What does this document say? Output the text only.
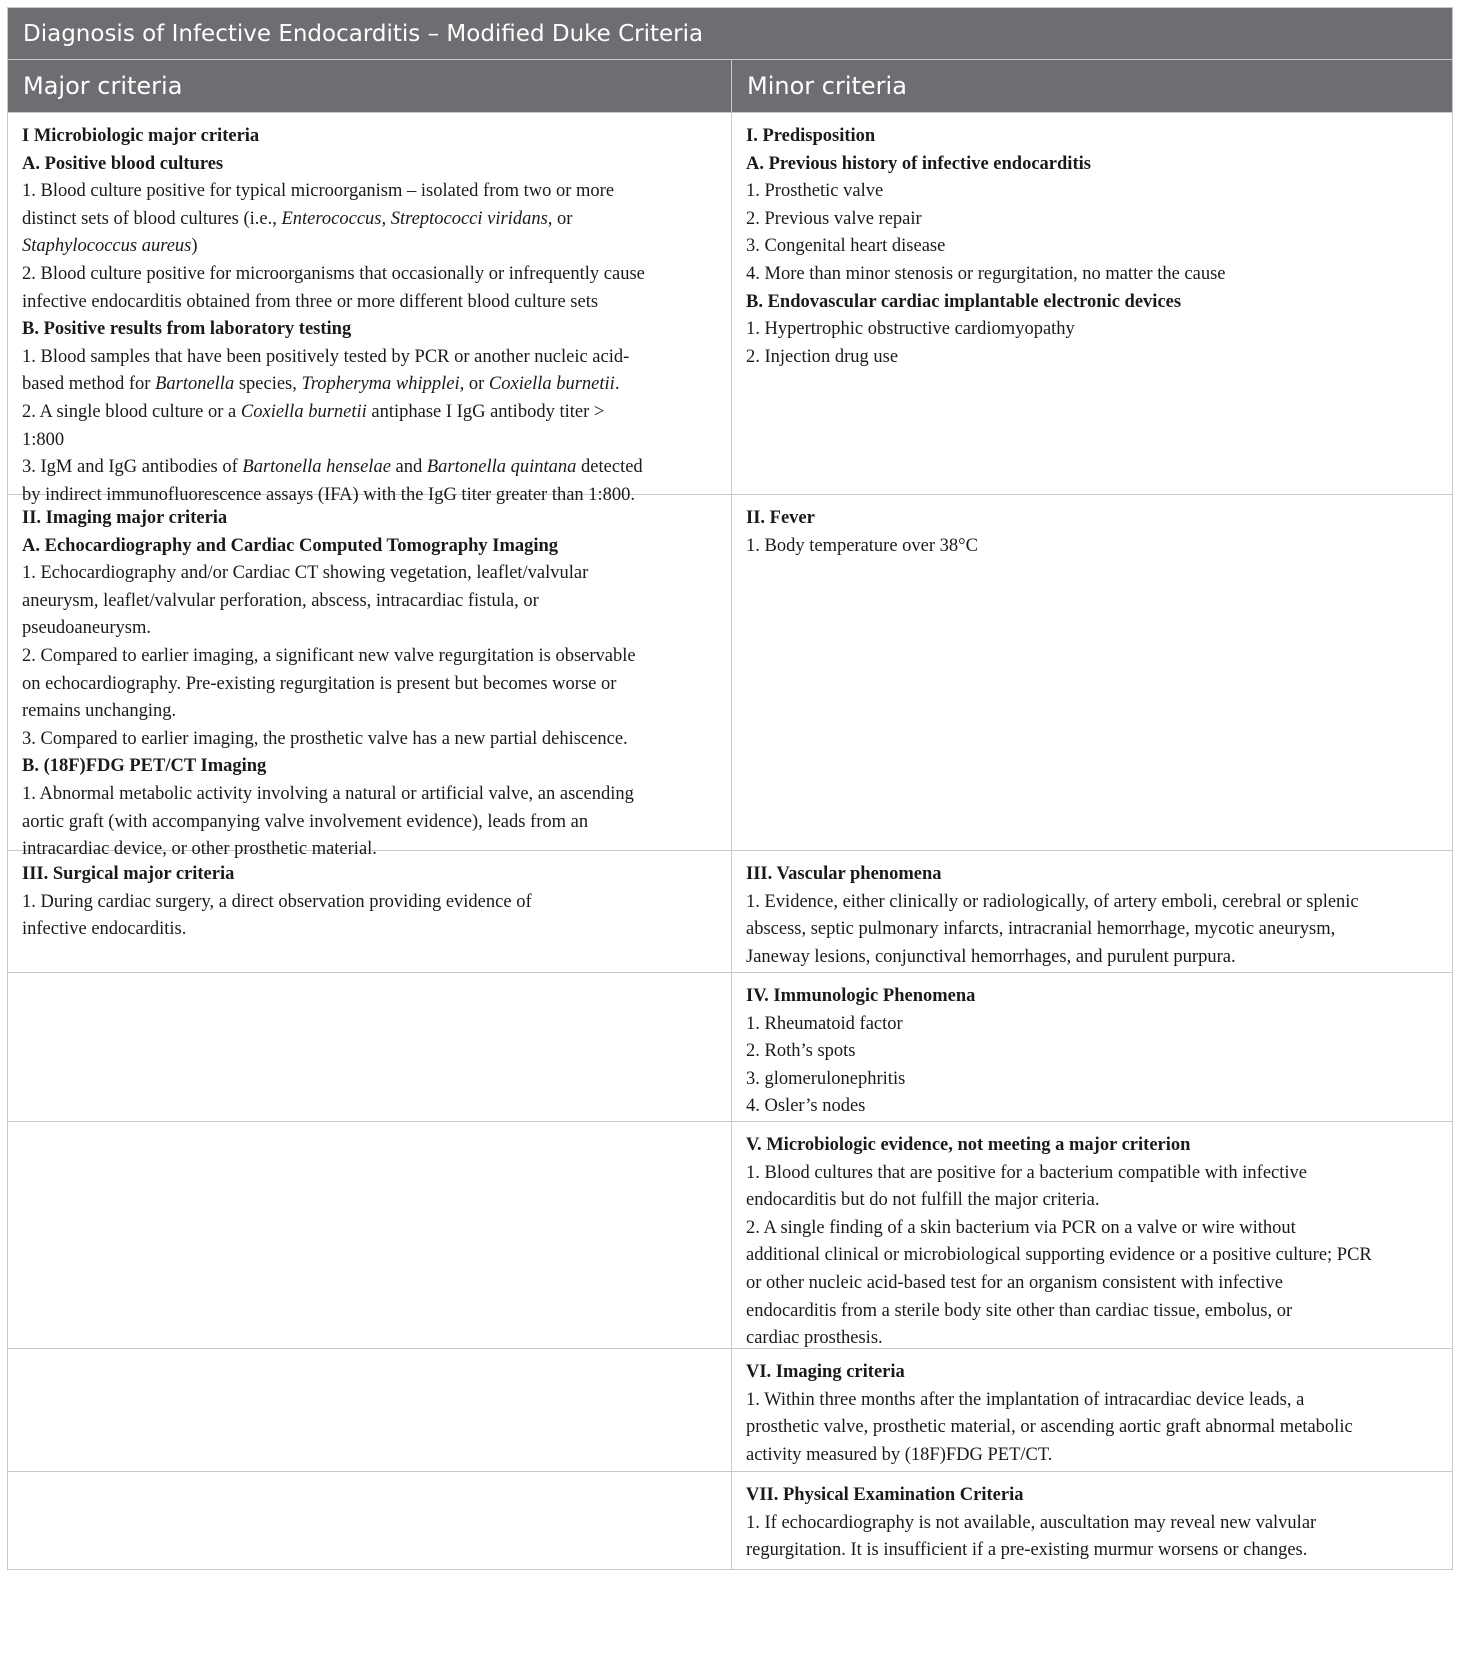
Diagnosis of Infective Endocarditis – Modified Duke Criteria
Major criteria	Minor criteria
I Microbiologic major criteria
A. Positive blood cultures
1. Blood culture positive for typical microorganism – isolated from two or more
distinct sets of blood cultures (i.e., Enterococcus, Streptococci viridans, or
Staphylococcus aureus)
2. Blood culture positive for microorganisms that occasionally or infrequently cause
infective endocarditis obtained from three or more different blood culture sets
B. Positive results from laboratory testing
1. Blood samples that have been positively tested by PCR or another nucleic acid-
based method for Bartonella species, Tropheryma whipplei, or Coxiella burnetii.
2. A single blood culture or a Coxiella burnetii antiphase I IgG antibody titer >
1:800
3. IgM and IgG antibodies of Bartonella henselae and Bartonella quintana detected
by indirect immunofluorescence assays (IFA) with the IgG titer greater than 1:800.
I. Predisposition
A. Previous history of infective endocarditis
1. Prosthetic valve
2. Previous valve repair
3. Congenital heart disease
4. More than minor stenosis or regurgitation, no matter the cause
B. Endovascular cardiac implantable electronic devices
1. Hypertrophic obstructive cardiomyopathy
2. Injection drug use
II. Imaging major criteria
A. Echocardiography and Cardiac Computed Tomography Imaging
1. Echocardiography and/or Cardiac CT showing vegetation, leaflet/valvular
aneurysm, leaflet/valvular perforation, abscess, intracardiac fistula, or
pseudoaneurysm.
2. Compared to earlier imaging, a significant new valve regurgitation is observable
on echocardiography. Pre-existing regurgitation is present but becomes worse or
remains unchanging.
3. Compared to earlier imaging, the prosthetic valve has a new partial dehiscence.
B. (18F)FDG PET/CT Imaging
1. Abnormal metabolic activity involving a natural or artificial valve, an ascending
aortic graft (with accompanying valve involvement evidence), leads from an
intracardiac device, or other prosthetic material.
II. Fever
1. Body temperature over 38°C
III. Surgical major criteria
1. During cardiac surgery, a direct observation providing evidence of
infective endocarditis.
III. Vascular phenomena
1. Evidence, either clinically or radiologically, of artery emboli, cerebral or splenic
abscess, septic pulmonary infarcts, intracranial hemorrhage, mycotic aneurysm,
Janeway lesions, conjunctival hemorrhages, and purulent purpura.
IV. Immunologic Phenomena
1. Rheumatoid factor
2. Roth’s spots
3. glomerulonephritis
4. Osler’s nodes
V. Microbiologic evidence, not meeting a major criterion
1. Blood cultures that are positive for a bacterium compatible with infective
endocarditis but do not fulfill the major criteria.
2. A single finding of a skin bacterium via PCR on a valve or wire without
additional clinical or microbiological supporting evidence or a positive culture; PCR
or other nucleic acid-based test for an organism consistent with infective
endocarditis from a sterile body site other than cardiac tissue, embolus, or
cardiac prosthesis.
VI. Imaging criteria
1. Within three months after the implantation of intracardiac device leads, a
prosthetic valve, prosthetic material, or ascending aortic graft abnormal metabolic
activity measured by (18F)FDG PET/CT.
VII. Physical Examination Criteria
1. If echocardiography is not available, auscultation may reveal new valvular
regurgitation. It is insufficient if a pre-existing murmur worsens or changes.
